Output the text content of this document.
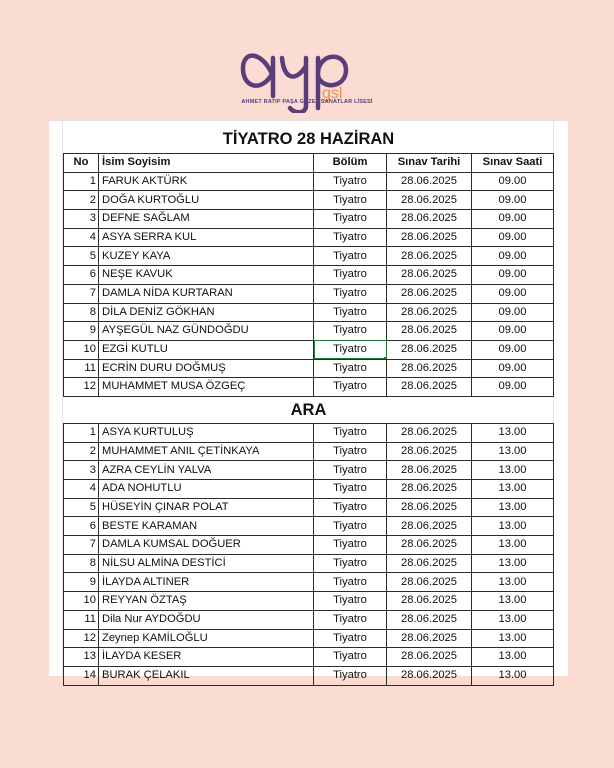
gsl
AHMET RATIP PAŞA GÜZEL SANATLAR LİSESİ
TİYATRO 28 HAZİRAN				
No	İsim Soyisim	Bölüm	Sınav Tarihi	Sınav Saati
1	FARUK AKTÜRK	Tiyatro	28.06.2025	09.00
2	DOĞA KURTOĞLU	Tiyatro	28.06.2025	09.00
3	DEFNE SAĞLAM	Tiyatro	28.06.2025	09.00
4	ASYA SERRA KUL	Tiyatro	28.06.2025	09.00
5	KUZEY KAYA	Tiyatro	28.06.2025	09.00
6	NEŞE KAVUK	Tiyatro	28.06.2025	09.00
7	DAMLA NİDA KURTARAN	Tiyatro	28.06.2025	09.00
8	DİLA DENİZ GÖKHAN	Tiyatro	28.06.2025	09.00
9	AYŞEGÜL NAZ GÜNDOĞDU	Tiyatro	28.06.2025	09.00
10	EZGİ KUTLU	Tiyatro	28.06.2025	09.00
11	ECRİN DURU DOĞMUŞ	Tiyatro	28.06.2025	09.00
12	MUHAMMET MUSA ÖZGEÇ	Tiyatro	28.06.2025	09.00
ARA				
1	ASYA KURTULUŞ	Tiyatro	28.06.2025	13.00
2	MUHAMMET ANIL ÇETİNKAYA	Tiyatro	28.06.2025	13.00
3	AZRA CEYLİN YALVA	Tiyatro	28.06.2025	13.00
4	ADA NOHUTLU	Tiyatro	28.06.2025	13.00
5	HÜSEYİN ÇINAR POLAT	Tiyatro	28.06.2025	13.00
6	BESTE KARAMAN	Tiyatro	28.06.2025	13.00
7	DAMLA KUMSAL DOĞUER	Tiyatro	28.06.2025	13.00
8	NİLSU ALMİNA DESTİCİ	Tiyatro	28.06.2025	13.00
9	İLAYDA ALTINER	Tiyatro	28.06.2025	13.00
10	REYYAN ÖZTAŞ	Tiyatro	28.06.2025	13.00
11	Dila Nur AYDOĞDU	Tiyatro	28.06.2025	13.00
12	Zeynep KAMİLOĞLU	Tiyatro	28.06.2025	13.00
13	İLAYDA KESER	Tiyatro	28.06.2025	13.00
14	BURAK ÇELAKIL	Tiyatro	28.06.2025	13.00
